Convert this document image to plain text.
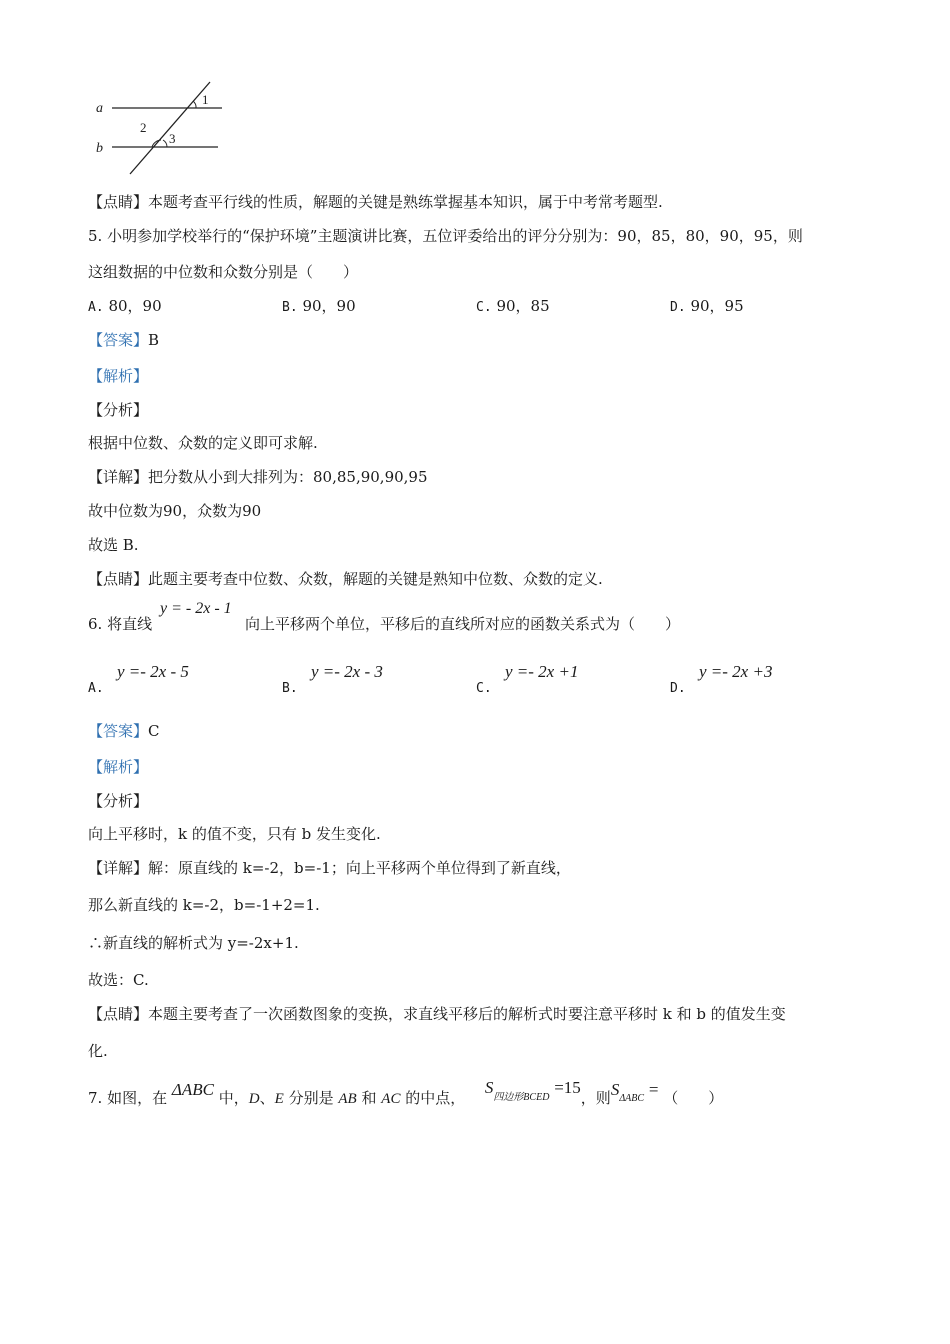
a
b
1
2
3
【点睛】本题考查平行线的性质，解题的关键是熟练掌握基本知识，属于中考常考题型.
5. 小明参加学校举行的“保护环境”主题演讲比赛，五位评委给出的评分分别为：90，85，80，90，95，则
这组数据的中位数和众数分别是（　　）
A. 80，90	B. 90，90	C. 90，85	D. 90，95
【答案】B
【解析】
【分析】
根据中位数、众数的定义即可求解.
【详解】把分数从小到大排列为：80,85,90,90,95
故中位数为90，众数为90
故选 B.
【点睛】此题主要考查中位数、众数，解题的关键是熟知中位数、众数的定义.
6. 将直线
y = - 2x - 1
向上平移两个单位，平移后的直线所对应的函数关系式为（　　）
A.
y =- 2x - 5
B.
y =- 2x - 3
C.
y =- 2x +1
D.
y =- 2x +3
【答案】C
【解析】
【分析】
向上平移时，k 的值不变，只有 b 发生变化.
【详解】解：原直线的 k=-2，b=-1；向上平移两个单位得到了新直线，
那么新直线的 k=-2，b=-1+2=1.
∴新直线的解析式为 y=-2x+1.
故选：C.
【点睛】本题主要考查了一次函数图象的变换，求直线平移后的解析式时要注意平移时 k 和 b 的值发生变
化.
7. 如图，在 ΔABC 中，D、E 分别是 AB 和 AC 的中点，  $S^{四边形BCED} =15$，则SΔABC = （　　）
